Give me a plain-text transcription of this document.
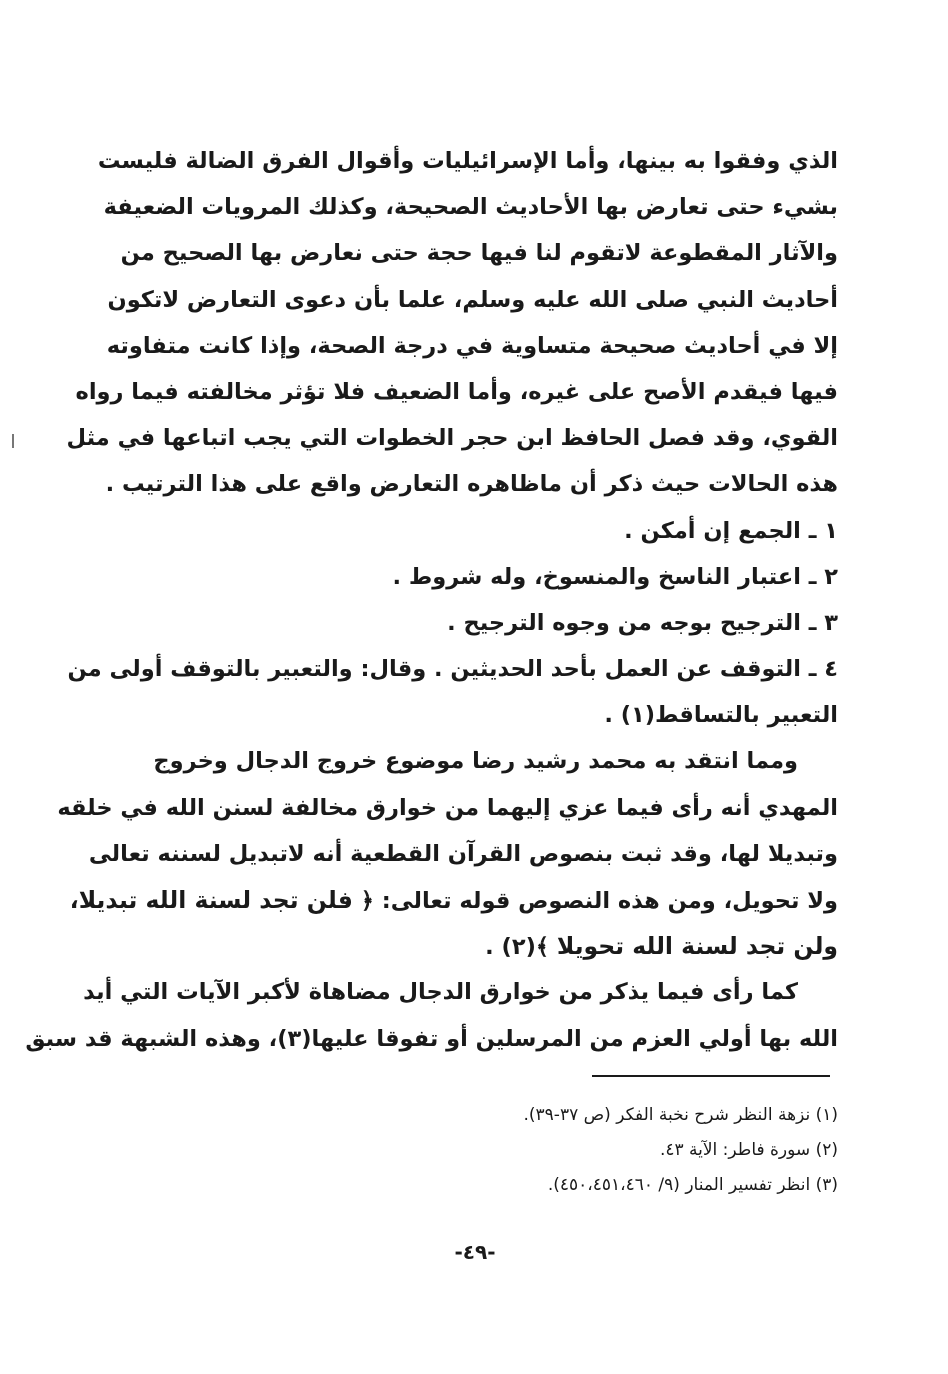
الذي وفقوا به بينها، وأما الإسرائيليات وأقوال الفرق الضالة فليست
بشيء حتى تعارض بها الأحاديث الصحيحة، وكذلك المرويات الضعيفة
والآثار المقطوعة لاتقوم لنا فيها حجة حتى نعارض بها الصحيح من
أحاديث النبي صلى الله عليه وسلم، علما بأن دعوى التعارض لاتكون
إلا في أحاديث صحيحة متساوية في درجة الصحة، وإذا كانت متفاوته
فيها فيقدم الأصح على غيره، وأما الضعيف فلا تؤثر مخالفته فيما رواه
القوي، وقد فصل الحافظ ابن حجر الخطوات التي يجب اتباعها في مثل
هذه الحالات حيث ذكر أن ماظاهره التعارض واقع على هذا الترتيب .
١ ـ الجمع إن أمكن .
٢ ـ اعتبار الناسخ والمنسوخ، وله شروط .
٣ ـ الترجيح بوجه من وجوه الترجيح .
٤ ـ التوقف عن العمل بأحد الحديثين . وقال: والتعبير بالتوقف أولى من
التعبير بالتساقط(١) .
ومما انتقد به محمد رشيد رضا موضوع خروج الدجال وخروج
المهدي أنه رأى فيما عزي إليهما من خوارق مخالفة لسنن الله في خلقه
وتبديلا لها، وقد ثبت بنصوص القرآن القطعية أنه لاتبديل لسننه تعالى
ولا تحويل، ومن هذه النصوص قوله تعالى: ﴿ فلن تجد لسنة الله تبديلا،
ولن تجد لسنة الله تحويلا ﴾(٢) .
كما رأى فيما يذكر من خوارق الدجال مضاهاة لأكبر الآيات التي أيد
الله بها أولي العزم من المرسلين أو تفوقا عليها(٣)، وهذه الشبهة قد سبق
(١) نزهة النظر شرح نخبة الفكر (ص ٣٧-٣٩).
(٢) سورة فاطر: الآية ٤٣.
(٣) انظر تفسير المنار (٩/ ٤٥٠،٤٥١،٤٦٠).
-٤٩-
